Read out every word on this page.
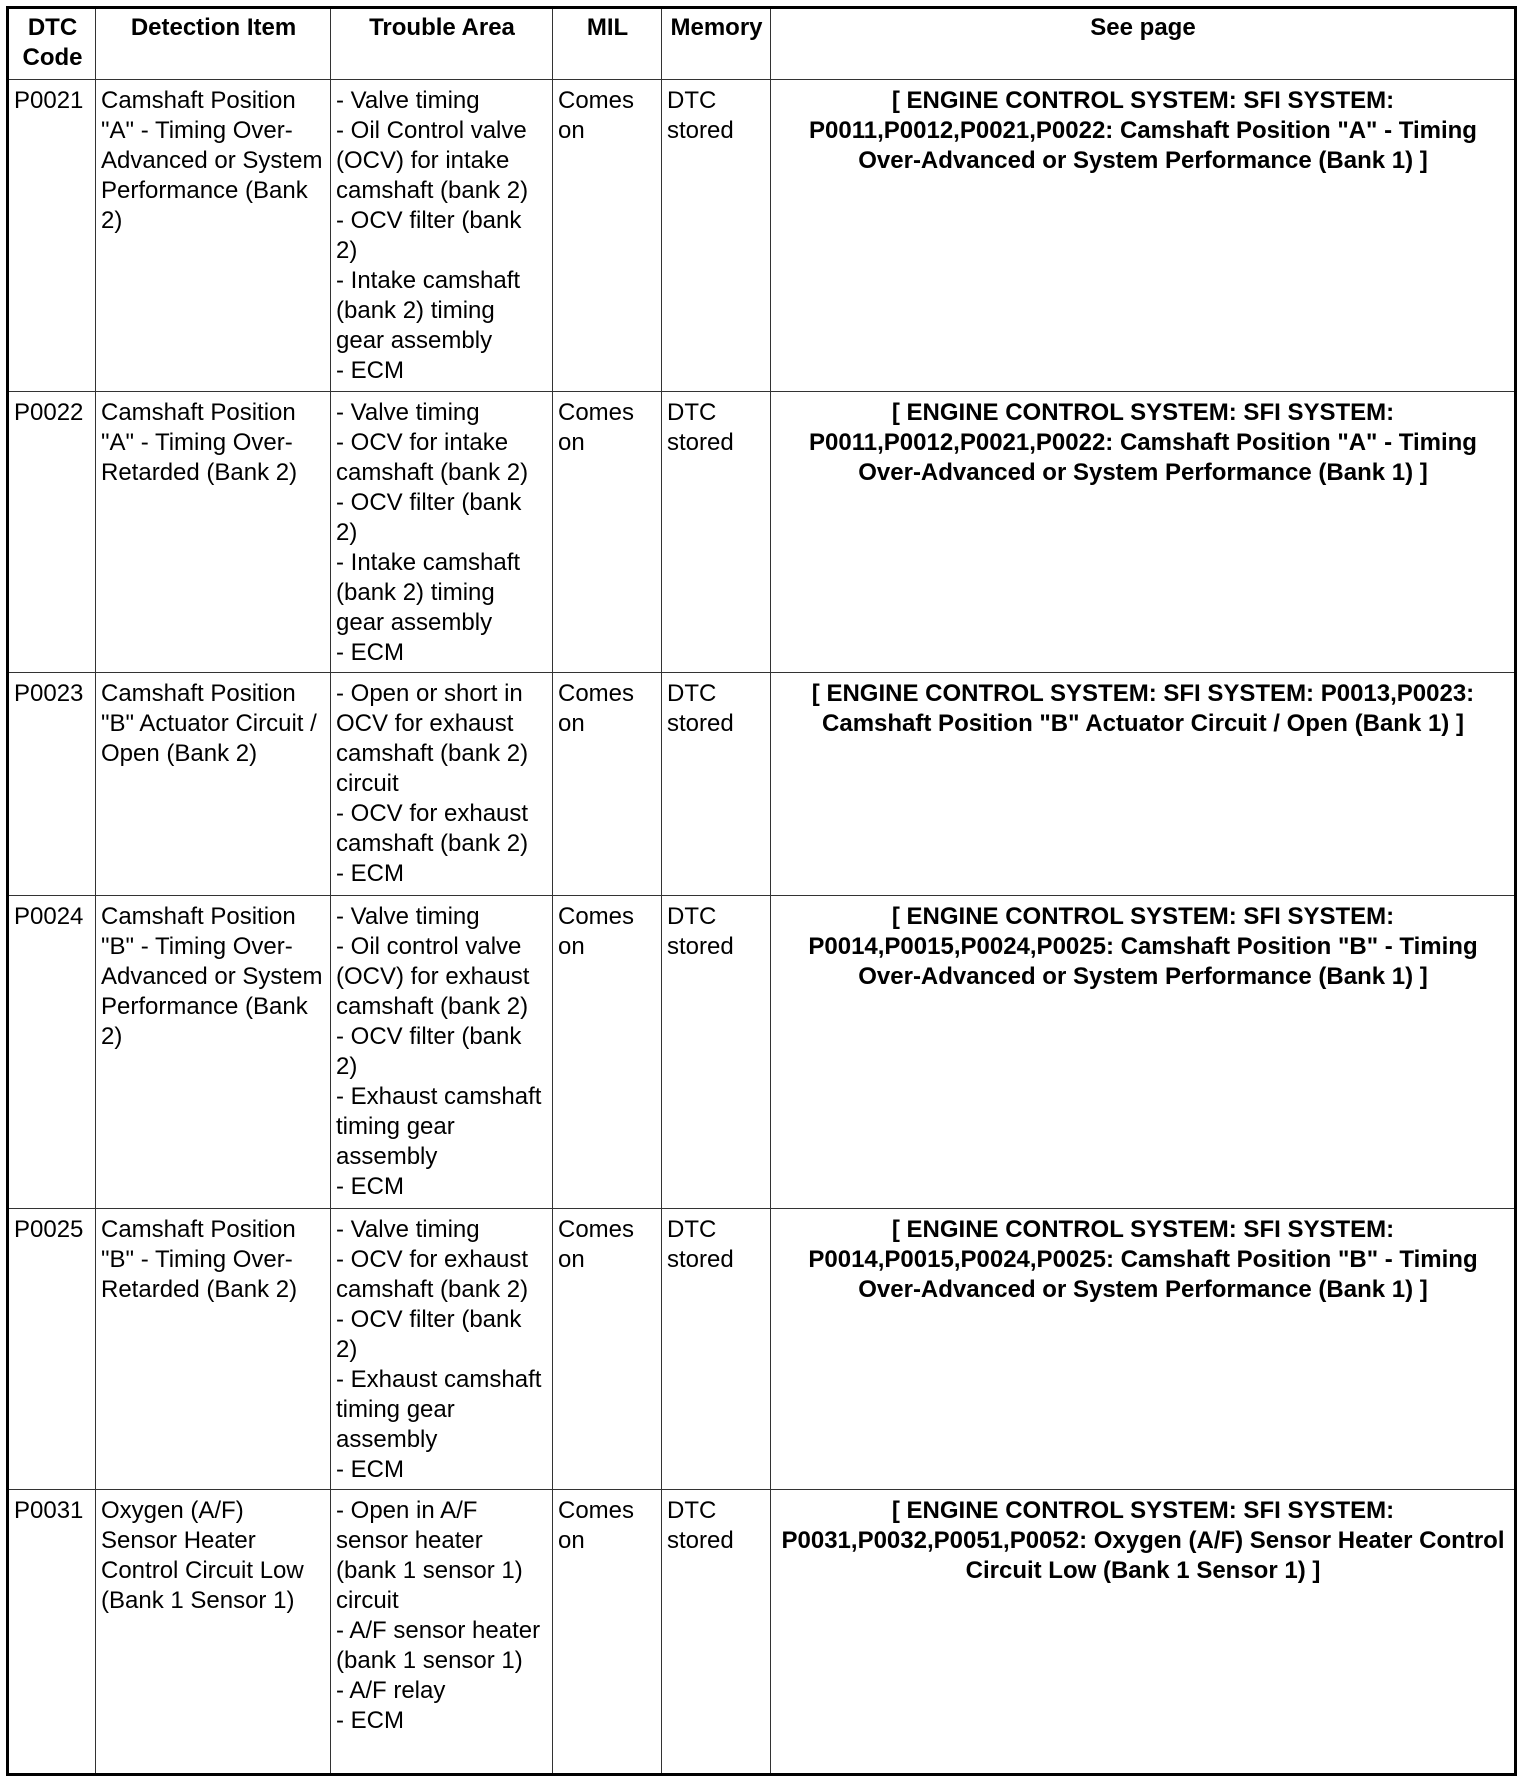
DTC
Code	Detection Item	Trouble Area	MIL	Memory	See page
P0021	Camshaft Position "A" - Timing Over-Advanced or System Performance (Bank 2)	- Valve timing
- Oil Control valve (OCV) for intake camshaft (bank 2)
- OCV filter (bank 2)
- Intake camshaft (bank 2) timing gear assembly
- ECM	Comes on	DTC stored	[ ENGINE CONTROL SYSTEM: SFI SYSTEM: P0011,P0012,P0021,P0022: Camshaft Position "A" - Timing Over-Advanced or System Performance (Bank 1) ]
P0022	Camshaft Position "A" - Timing Over-Retarded (Bank 2)	- Valve timing
- OCV for intake camshaft (bank 2)
- OCV filter (bank 2)
- Intake camshaft (bank 2) timing gear assembly
- ECM	Comes on	DTC stored	[ ENGINE CONTROL SYSTEM: SFI SYSTEM: P0011,P0012,P0021,P0022: Camshaft Position "A" - Timing Over-Advanced or System Performance (Bank 1) ]
P0023	Camshaft Position "B" Actuator Circuit / Open (Bank 2)	- Open or short in OCV for exhaust camshaft (bank 2) circuit
- OCV for exhaust camshaft (bank 2)
- ECM	Comes on	DTC stored	[ ENGINE CONTROL SYSTEM: SFI SYSTEM: P0013,P0023: Camshaft Position "B" Actuator Circuit / Open (Bank 1) ]
P0024	Camshaft Position "B" - Timing Over-Advanced or System Performance (Bank 2)	- Valve timing
- Oil control valve (OCV) for exhaust camshaft (bank 2)
- OCV filter (bank 2)
- Exhaust camshaft timing gear assembly
- ECM	Comes on	DTC stored	[ ENGINE CONTROL SYSTEM: SFI SYSTEM: P0014,P0015,P0024,P0025: Camshaft Position "B" - Timing Over-Advanced or System Performance (Bank 1) ]
P0025	Camshaft Position "B" - Timing Over-Retarded (Bank 2)	- Valve timing
- OCV for exhaust camshaft (bank 2)
- OCV filter (bank 2)
- Exhaust camshaft timing gear assembly
- ECM	Comes on	DTC stored	[ ENGINE CONTROL SYSTEM: SFI SYSTEM: P0014,P0015,P0024,P0025: Camshaft Position "B" - Timing Over-Advanced or System Performance (Bank 1) ]
P0031	Oxygen (A/F) Sensor Heater Control Circuit Low (Bank 1 Sensor 1)	- Open in A/F sensor heater (bank 1 sensor 1) circuit
- A/F sensor heater (bank 1 sensor 1)
- A/F relay
- ECM	Comes on	DTC stored	[ ENGINE CONTROL SYSTEM: SFI SYSTEM: P0031,P0032,P0051,P0052: Oxygen (A/F) Sensor Heater Control Circuit Low (Bank 1 Sensor 1) ]
